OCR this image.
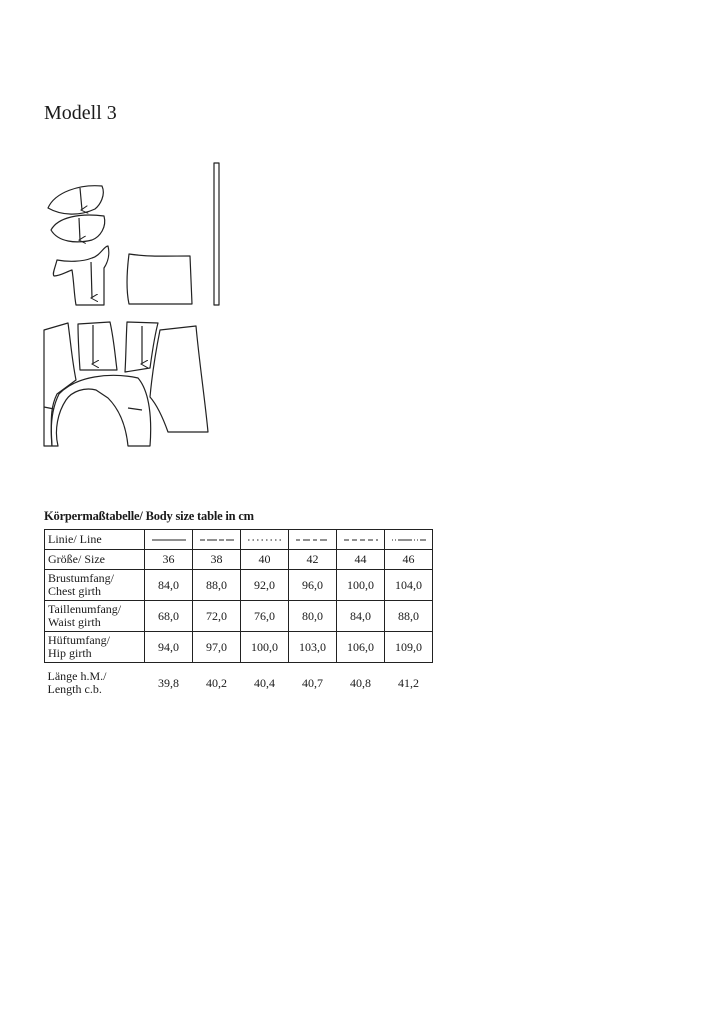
Modell 3
Körpermaßtabelle/ Body size table in cm
Linie/ Line						
Größe/ Size	36	38	40	42	44	46
Brustumfang/
Chest girth	84,0	88,0	92,0	96,0	100,0	104,0
Taillenumfang/
Waist girth	68,0	72,0	76,0	80,0	84,0	88,0
Hüftumfang/
Hip girth	94,0	97,0	100,0	103,0	106,0	109,0
Länge h.M./
Length c.b.	39,8	40,2	40,4	40,7	40,8	41,2
